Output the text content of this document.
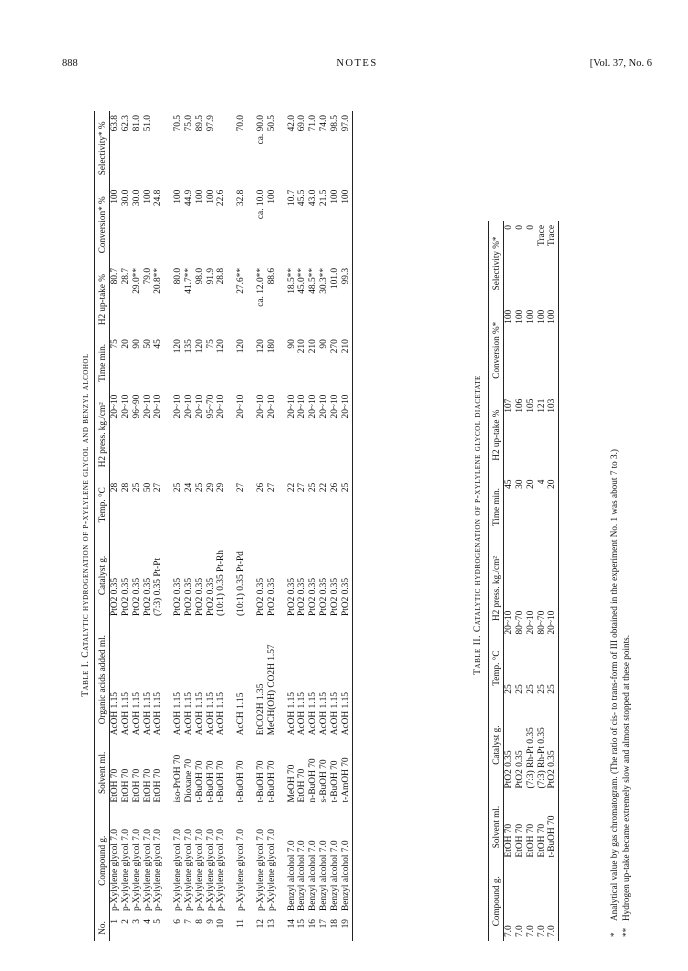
888	NOTES	[Vol. 37, No. 6
Table I. Catalytic hydrogenation of p-xylylene glycol and benzyl alcohol
No.	Compound g.	Solvent ml.	Organic acids added ml.	Catalyst g.	Temp. °C	H2 press. kg./cm²	Time min.	H2 up-take %	Conversion* %	Selectivity* %
1	p-Xylylene glycol 7.0	EtOH 70	AcOH 1.15	PtO2 0.35	28	20~10	75	80.7	100	63.8
2	p-Xylylene glycol 7.0	EtOH 70	AcOH 1.15	PtO2 0.35	28	20~10	20	28.7	30.0	62.3
3	p-Xylylene glycol 7.0	EtOH 70	AcOH 1.15	PtO2 0.35	25	96~90	90	29.0**	30.0	81.0
4	p-Xylylene glycol 7.0	EtOH 70	AcOH 1.15	PtO2 0.35	50	20~10	50	79.0	100	51.0
5	p-Xylylene glycol 7.0	EtOH 70	AcOH 1.15	(7:3) 0.35 Pt-Pt	27	20~10	45	20.8**	24.8	
6	p-Xylylene glycol 7.0	iso-PrOH 70	AcOH 1.15	PtO2 0.35	25	20~10	120	80.0	100	70.5
7	p-Xylylene glycol 7.0	Dioxane 70	AcOH 1.15	PtO2 0.35	24	20~10	135	41.7**	44.9	75.0
8	p-Xylylene glycol 7.0	t-BuOH 70	AcOH 1.15	PtO2 0.35	25	20~10	120	98.0	100	89.5
9	p-Xylylene glycol 7.0	t-BuOH 70	AcOH 1.15	PtO2 0.35	29	95~70	75	91.9	100	97.9
10	p-Xylylene glycol 7.0	t-BuOH 70	AcOH 1.15	(10:1) 0.35 Pt-Rh	29	20~10	120	28.8	22.6	
11	p-Xylylene glycol 7.0	t-BuOH 70	AcCH 1.15	(10:1) 0.35 Pt-Pd	27	20~10	120	27.6**	32.8	70.0
12	p-Xylylene glycol 7.0	t-BuOH 70	EtCO2H 1.35	PtO2 0.35	26	20~10	120	ca. 12.0**	ca. 10.0	ca. 90.0
13	p-Xylylene glycol 7.0	t-BuOH 70	MeCH(OH) CO2H 1.57	PtO2 0.35	27	20~10	180	88.6	100	50.5
14	Benzyl alcohol 7.0	MeOH 70	AcOH 1.15	PtO2 0.35	22	20~10	90	18.5**	10.7	42.0
15	Benzyl alcohol 7.0	EtOH 70	AcOH 1.15	PtO2 0.35	27	20~10	210	45.0**	45.5	69.0
16	Benzyl alcohol 7.0	n-BuOH 70	AcOH 1.15	PtO2 0.35	25	20~10	210	48.5**	43.0	71.0
17	Benzyl alcohol 7.0	s-BuOH 70	AcOH 1.15	PtO2 0.35	22	20~10	90	30.3**	21.5	74.0
18	Benzyl alcohol 7.0	t-BuOH 70	AcOH 1.15	PtO2 0.35	26	20~10	270	101.0	100	98.5
19	Benzyl alcohol 7.0	t-AmOH 70	AcOH 1.15	PtO2 0.35	25	20~10	210	99.3	100	97.0
Table II. Catalytic hydrogenation of p-xylylene glycol diacetate
Compound g.	Solvent ml.	Catalyst g.	Temp. °C	H2 press. kg./cm²	Time min.	H2 up-take %	Conversion %*	Selectivity %*
7.0	EtOH 70	PtO2 0.35	25	20~10	45	107	100	0
7.0	EtOH 70	PtO2 0.35	25	80~70	30	106	100	0
7.0	EtOH 70	(7:3) Rh-Pt 0.35	25	20~10	20	105	100	0
7.0	EtOH 70	(7:3) Rh-Pt 0.35	25	80~70	4	121	100	Trace
7.0	t-BuOH 70	PtO2 0.35	25	20~10	20	103	100	Trace
*Analytical value by gas chromatogram. (The ratio of cis- to trans-form of III obtained in the experiment No. 1 was about 7 to 3.)
**Hydrogen up-take became extremely slow and almost stopped at these points.
